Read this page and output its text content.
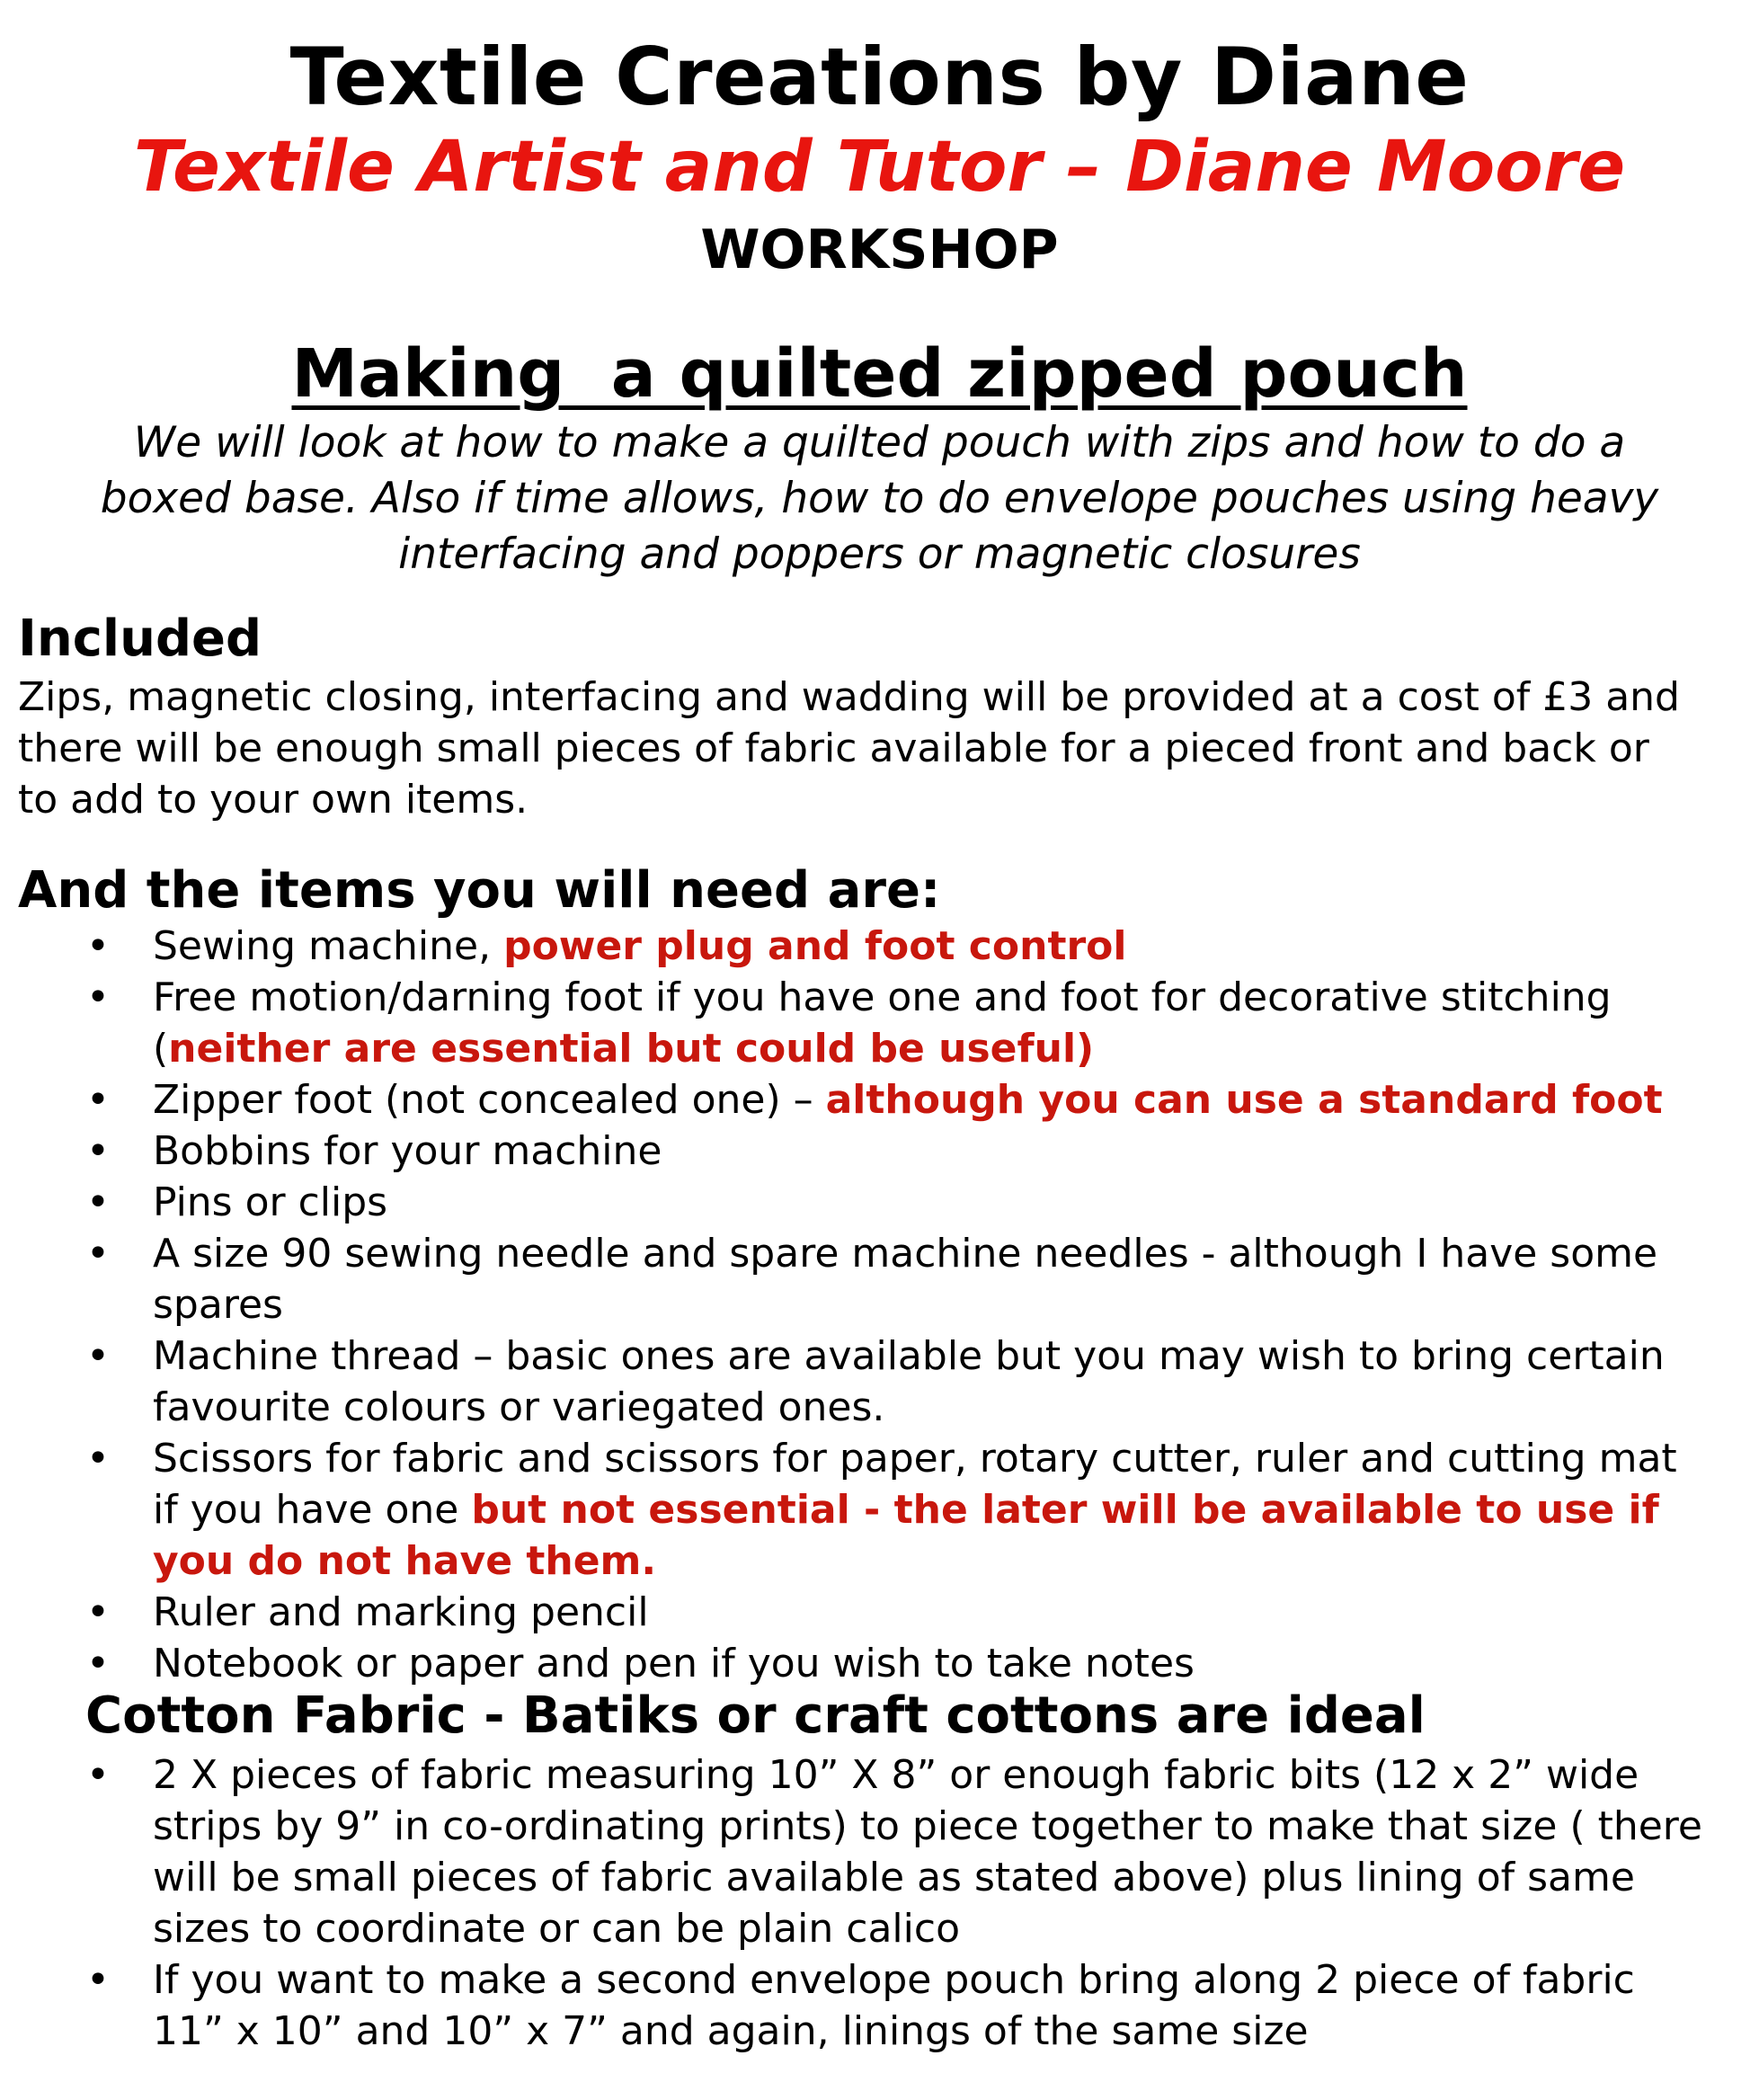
Textile Creations by Diane
Textile Artist and Tutor – Diane Moore
WORKSHOP
Making  a quilted zipped pouch
We will look at how to make a quilted pouch with zips and how to do a
boxed base. Also if time allows, how to do envelope pouches using heavy
interfacing and poppers or magnetic closures
Included
Zips, magnetic closing, interfacing and wadding will be provided at a cost of £3 and
there will be enough small pieces of fabric available for a pieced front and back or
to add to your own items.
And the items you will need are:
• Sewing machine, power plug and foot control
• Free motion/darning foot if you have one and foot for decorative stitching (neither are essential but could be useful)
• Zipper foot (not concealed one) – although you can use a standard foot
• Bobbins for your machine
• Pins or clips
• A size 90 sewing needle and spare machine needles - although I have some spares
• Machine thread – basic ones are available but you may wish to bring certain favourite colours or variegated ones.
• Scissors for fabric and scissors for paper, rotary cutter, ruler and cutting mat if you have one but not essential - the later will be available to use if you do not have them.
• Ruler and marking pencil
• Notebook or paper and pen if you wish to take notes
Cotton Fabric - Batiks or craft cottons are ideal
• 2 X pieces of fabric measuring 10” X 8” or enough fabric bits (12 x 2” wide strips by 9” in co-ordinating prints) to piece together to make that size ( there will be small pieces of fabric available as stated above) plus lining of same sizes to coordinate or can be plain calico
• If you want to make a second envelope pouch bring along 2 piece of fabric 11” x 10” and 10” x 7” and again, linings of the same size
